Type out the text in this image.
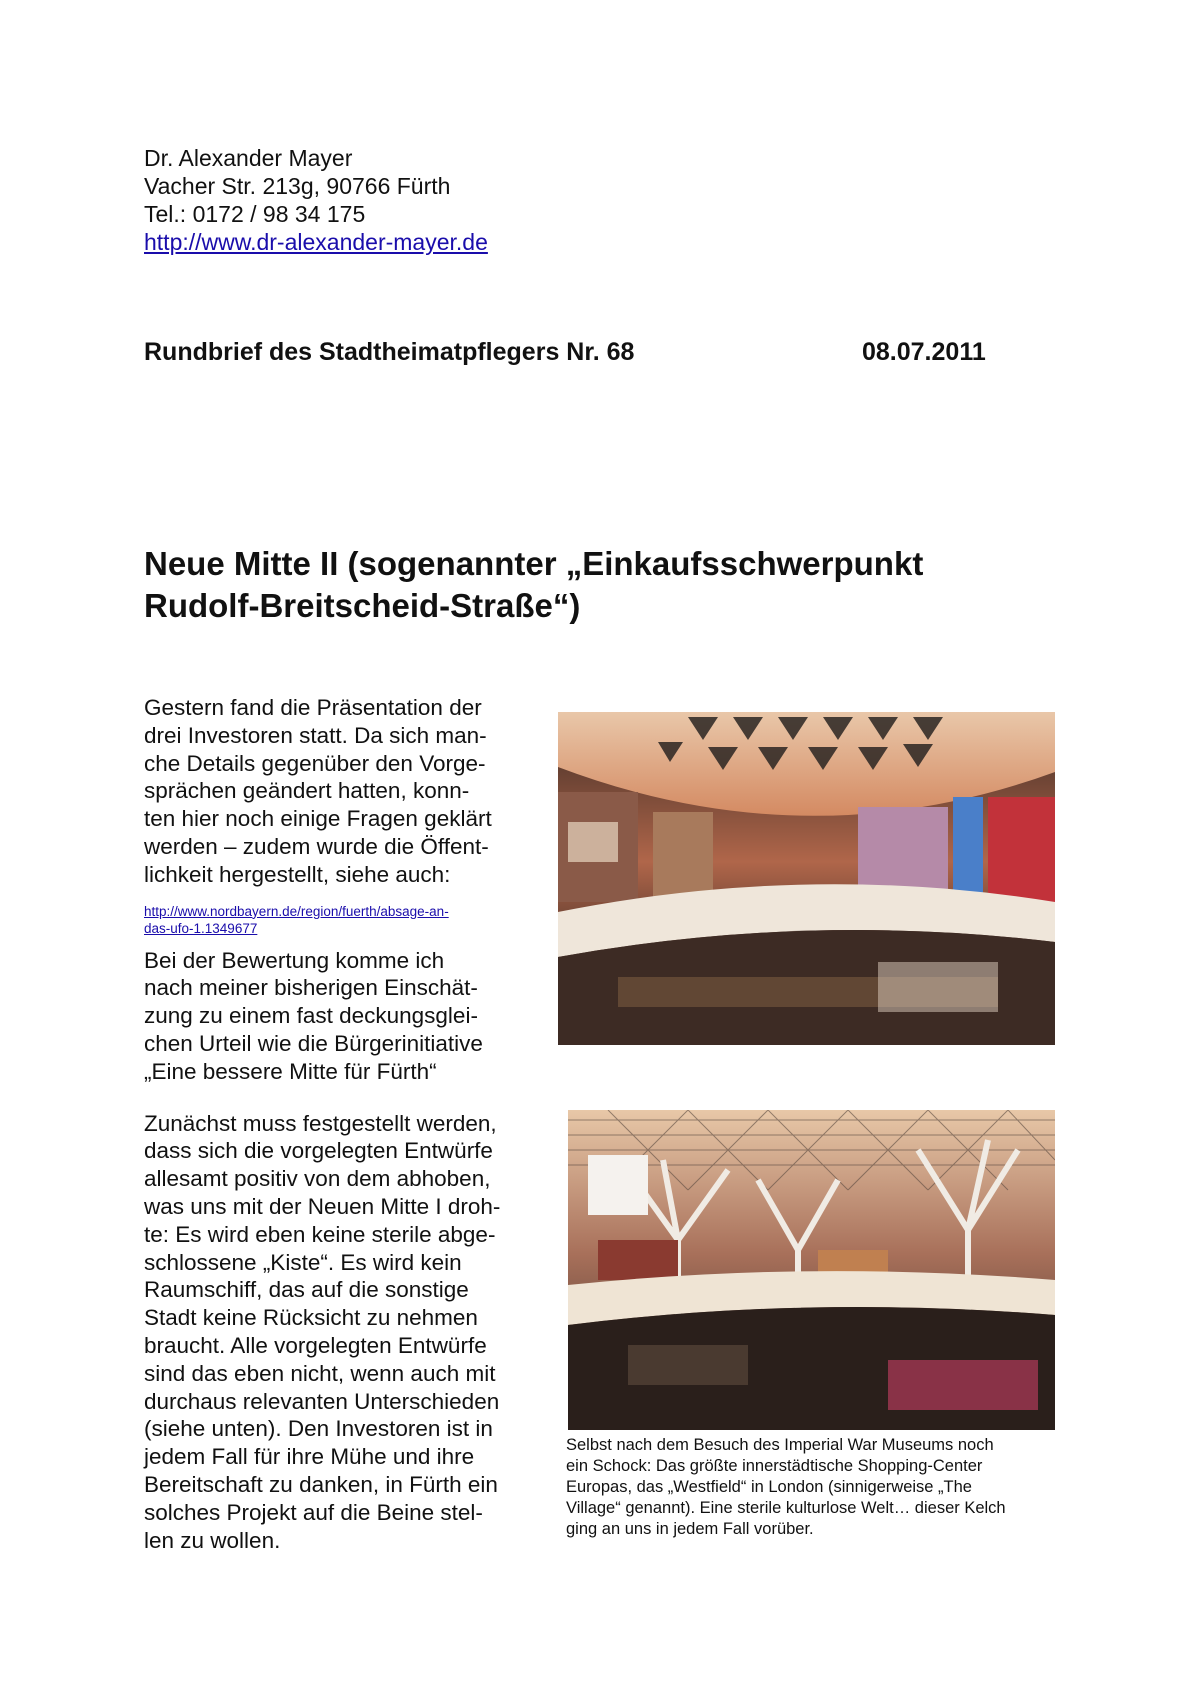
Dr. Alexander Mayer
Vacher Str. 213g, 90766 Fürth
Tel.: 0172 / 98 34 175
http://www.dr-alexander-mayer.de
Rundbrief des Stadtheimatpflegers Nr. 68	08.07.2011
Neue Mitte II (sogenannter „Einkaufsschwerpunkt
Rudolf-Breitscheid-Straße“)

Gestern fand die Präsentation der
drei Investoren statt. Da sich man-
che Details gegenüber den Vorge-
sprächen geändert hatten, konn-
ten hier noch einige Fragen geklärt
werden – zudem wurde die Öffent-
lichkeit hergestellt, siehe auch:

http://www.nordbayern.de/region/fuerth/absage-an-
das-ufo-1.1349677

Bei der Bewertung komme ich
nach meiner bisherigen Einschät-
zung zu einem fast deckungsglei-
chen Urteil wie die Bürgerinitiative
„Eine bessere Mitte für Fürth“

Zunächst muss festgestellt werden,
dass sich die vorgelegten Entwürfe
allesamt positiv von dem abhoben,
was uns mit der Neuen Mitte I droh-
te: Es wird eben keine sterile abge-
schlossene „Kiste“. Es wird kein
Raumschiff, das auf die sonstige
Stadt keine Rücksicht zu nehmen
braucht. Alle vorgelegten Entwürfe
sind das eben nicht, wenn auch mit
durchaus relevanten Unterschieden
(siehe unten). Den Investoren ist in
jedem Fall für ihre Mühe und ihre
Bereitschaft zu danken, in Fürth ein
solches Projekt auf die Beine stel-
len zu wollen.

Selbst nach dem Besuch des Imperial War Museums noch
ein Schock: Das größte innerstädtische Shopping-Center
Europas, das „Westfield“ in London (sinnigerweise „The
Village“ genannt). Eine sterile kulturlose Welt… dieser Kelch
ging an uns in jedem Fall vorüber.
